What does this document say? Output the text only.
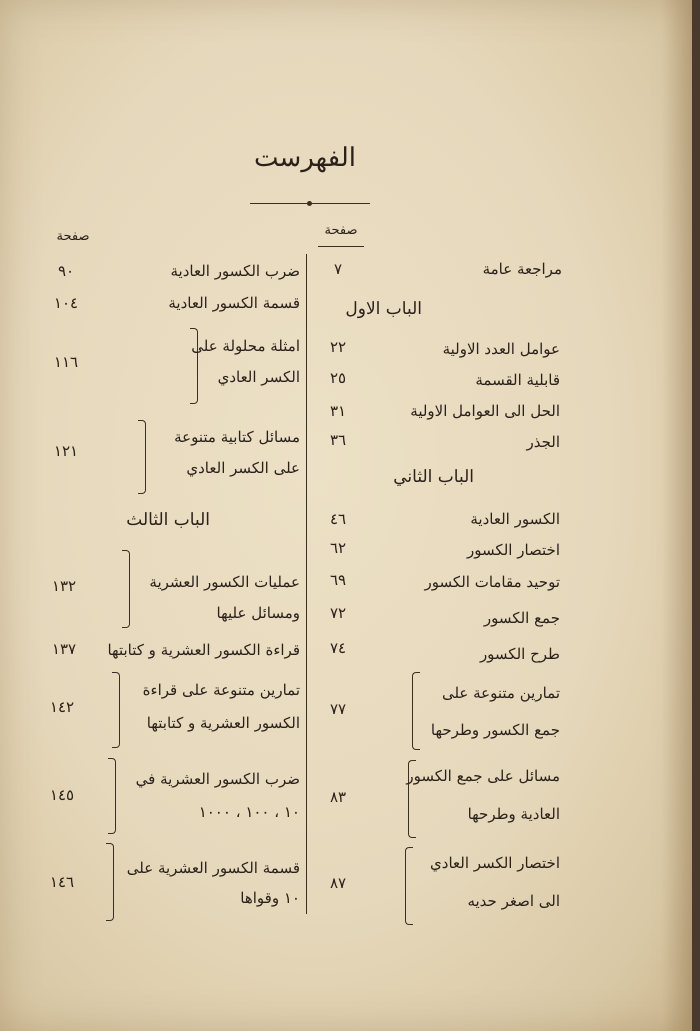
الفهرست
صفحة
صفحة
مراجعة عامة
٧
الباب الاول
عوامل العدد الاولية
٢٢
قابلية القسمة
٢٥
الحل الى العوامل الاولية
٣١
الجذر
٣٦
الباب الثاني
الكسور العادية
٤٦
اختصار الكسور
٦٢
توحيد مقامات الكسور
٦٩
جمع الكسور
٧٢
طرح الكسور
٧٤
تمارين متنوعة على
جمع الكسور وطرحها
٧٧
مسائل على جمع الكسور
العادية وطرحها
٨٣
اختصار الكسر العادي
الى اصغر حديه
٨٧
ضرب الكسور العادية
٩٠
قسمة الكسور العادية
١٠٤
امثلة محلولة على
الكسر العادي
١١٦
مسائل كتابية متنوعة
على الكسر العادي
١٢١
الباب الثالث
عمليات الكسور العشرية
ومسائل عليها
١٣٢
قراءة الكسور العشرية و كتابتها
١٣٧
تمارين متنوعة على قراءة
الكسور العشرية و كتابتها
١٤٢
ضرب الكسور العشرية في
١٠ ، ١٠٠ ، ١٠٠٠
١٤٥
قسمة الكسور العشرية على
١٠ وقواها
١٤٦
